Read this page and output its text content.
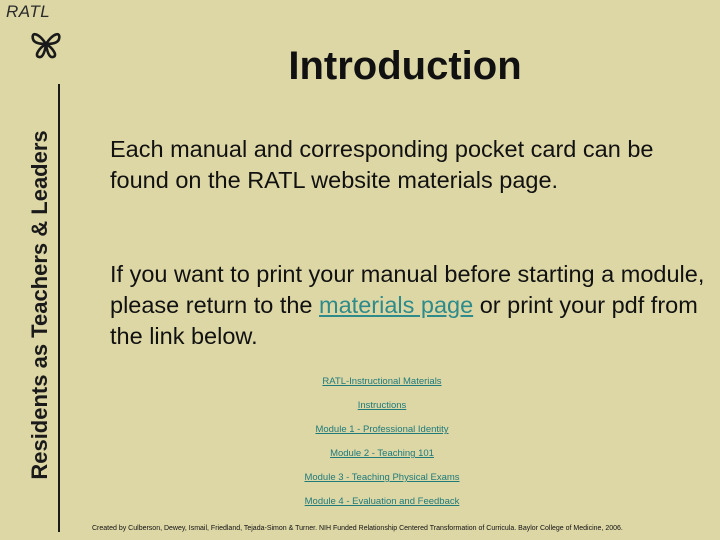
RATL
Residents as Teachers & Leaders
Introduction

Each manual and corresponding pocket card can be found on the RATL website materials page.

If you want to print your manual before starting a module, please return to the materials page or print your pdf from the link below.

RATL-Instructional Materials
Instructions
Module 1 - Professional Identity
Module 2 - Teaching 101
Module 3 - Teaching Physical Exams
Module 4 - Evaluation and Feedback
Created by Culberson, Dewey, Ismail, Friedland, Tejada-Simon & Turner. NIH Funded Relationship Centered Transformation of Curricula. Baylor College of Medicine, 2006.
